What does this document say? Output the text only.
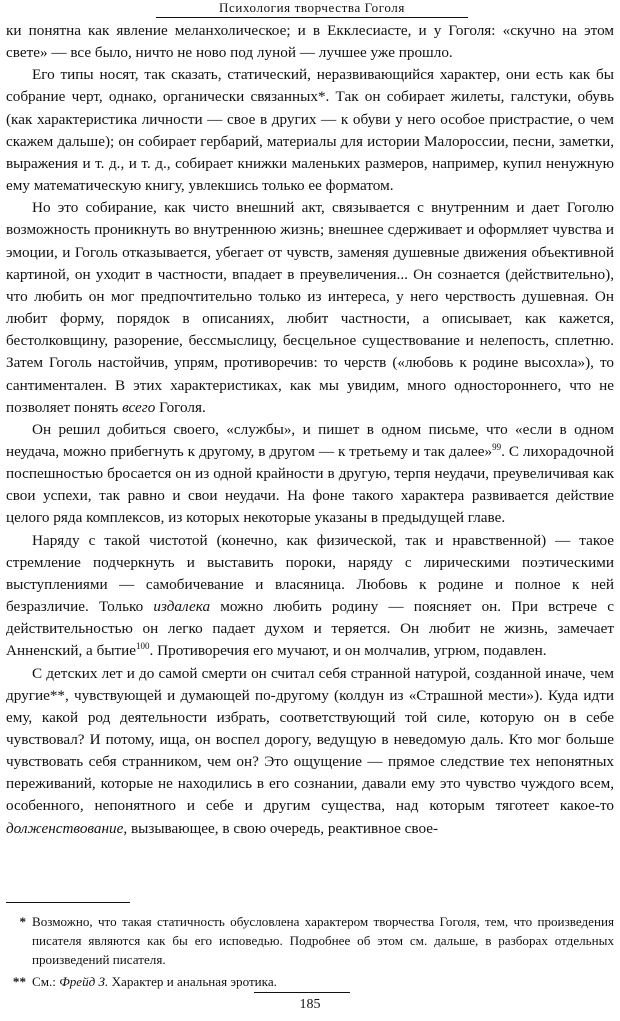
Психология творчества Гоголя

ки понятна как явление меланхолическое; и в Екклесиасте, и у Гоголя: «скучно на этом свете» — все было, ничто не ново под луной — лучшее уже прошло.

Его типы носят, так сказать, статический, неразвивающийся характер, они есть как бы собрание черт, однако, органически связанных*. Так он собирает жилеты, галстуки, обувь (как характеристика личности — свое в других — к обуви у него особое пристрастие, о чем скажем дальше); он собирает гербарий, материалы для истории Малороссии, песни, заметки, выражения и т. д., и т. д., собирает книжки маленьких размеров, например, купил ненужную ему математическую книгу, увлекшись только ее форматом.

Но это собирание, как чисто внешний акт, связывается с внутренним и дает Гоголю возможность проникнуть во внутреннюю жизнь; внешнее сдерживает и оформляет чувства и эмоции, и Гоголь отказывается, убегает от чувств, заменяя душевные движения объективной картиной, он уходит в частности, впадает в преувеличения... Он сознается (действительно), что любить он мог предпочтительно только из интереса, у него черствость душевная. Он любит форму, порядок в описаниях, любит частности, а описывает, как кажется, бестолковщину, разорение, бессмыслицу, бесцельное существование и нелепость, сплетню. Затем Гоголь настойчив, упрям, противоречив: то черств («любовь к родине высохла»), то сантиментален. В этих характеристиках, как мы увидим, много одностороннего, что не позволяет понять всего Гоголя.

Он решил добиться своего, «службы», и пишет в одном письме, что «если в одном неудача, можно прибегнуть к другому, в другом — к третьему и так далее»$^{99}$. С лихорадочной поспешностью бросается он из одной крайности в другую, терпя неудачи, преувеличивая как свои успехи, так равно и свои неудачи. На фоне такого характера развивается действие целого ряда комплексов, из которых некоторые указаны в предыдущей главе.

Наряду с такой чистотой (конечно, как физической, так и нравственной) — такое стремление подчеркнуть и выставить пороки, наряду с лирическими поэтическими выступлениями — самобичевание и власяница. Любовь к родине и полное к ней безразличие. Только издалека можно любить родину — поясняет он. При встрече с действительностью он легко падает духом и теряется. Он любит не жизнь, замечает Анненский, а бытие$^{100}$. Противоречия его мучают, и он молчалив, угрюм, подавлен.

С детских лет и до самой смерти он считал себя странной натурой, созданной иначе, чем другие**, чувствующей и думающей по-другому (колдун из «Страшной мести»). Куда идти ему, какой род деятельности избрать, соответствующий той силе, которую он в себе чувствовал? И потому, ища, он воспел дорогу, ведущую в неведомую даль. Кто мог больше чувствовать себя странником, чем он? Это ощущение — прямое следствие тех непонятных переживаний, которые не находились в его сознании, давали ему это чувство чуждого всем, особенного, непонятного и себе и другим существа, над которым тяготеет какое-то долженствование, вызывающее, в свою очередь, реактивное свое-

* Возможно, что такая статичность обусловлена характером творчества Гоголя, тем, что произведения писателя являются как бы его исповедью. Подробнее об этом см. дальше, в разборах отдельных произведений писателя.
** См.: Фрейд З. Характер и анальная эротика.
185
